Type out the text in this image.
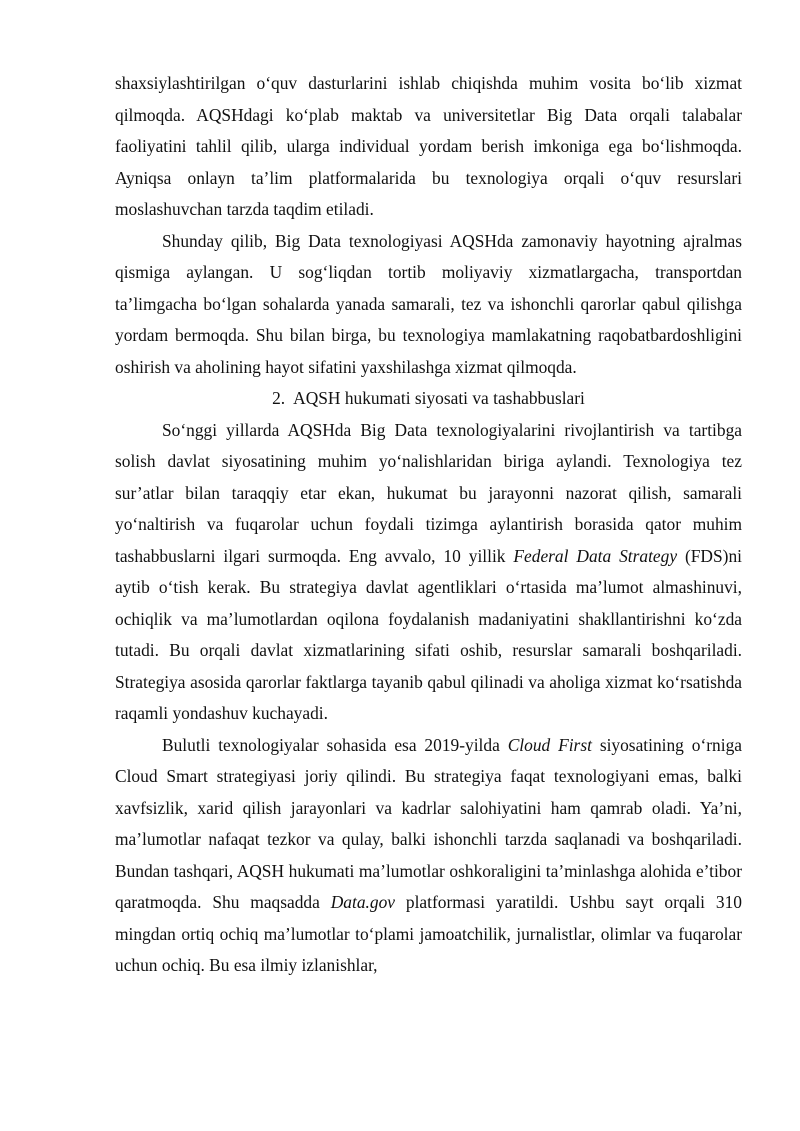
shaxsiylashtirilgan o‘quv dasturlarini ishlab chiqishda muhim vosita bo‘lib xizmat qilmoqda. AQSHdagi ko‘plab maktab va universitetlar Big Data orqali talabalar faoliyatini tahlil qilib, ularga individual yordam berish imkoniga ega bo‘lishmoqda. Ayniqsa onlayn ta’lim platformalarida bu texnologiya orqali o‘quv resurslari moslashuvchan tarzda taqdim etiladi.

Shunday qilib, Big Data texnologiyasi AQSHda zamonaviy hayotning ajralmas qismiga aylangan. U sog‘liqdan tortib moliyaviy xizmatlargacha, transportdan ta’limgacha bo‘lgan sohalarda yanada samarali, tez va ishonchli qarorlar qabul qilishga yordam bermoqda. Shu bilan birga, bu texnologiya mamlakatning raqobatbardoshligini oshirish va aholining hayot sifatini yaxshilashga xizmat qilmoqda.

2. AQSH hukumati siyosati va tashabbuslari

So‘nggi yillarda AQSHda Big Data texnologiyalarini rivojlantirish va tartibga solish davlat siyosatining muhim yo‘nalishlaridan biriga aylandi. Texnologiya tez sur’atlar bilan taraqqiy etar ekan, hukumat bu jarayonni nazorat qilish, samarali yo‘naltirish va fuqarolar uchun foydali tizimga aylantirish borasida qator muhim tashabbuslarni ilgari surmoqda. Eng avvalo, 10 yillik Federal Data Strategy (FDS)ni aytib o‘tish kerak. Bu strategiya davlat agentliklari o‘rtasida ma’lumot almashinuvi, ochiqlik va ma’lumotlardan oqilona foydalanish madaniyatini shakllantirishni ko‘zda tutadi. Bu orqali davlat xizmatlarining sifati oshib, resurslar samarali boshqariladi. Strategiya asosida qarorlar faktlarga tayanib qabul qilinadi va aholiga xizmat ko‘rsatishda raqamli yondashuv kuchayadi.

Bulutli texnologiyalar sohasida esa 2019-yilda Cloud First siyosatining o‘rniga Cloud Smart strategiyasi joriy qilindi. Bu strategiya faqat texnologiyani emas, balki xavfsizlik, xarid qilish jarayonlari va kadrlar salohiyatini ham qamrab oladi. Ya’ni, ma’lumotlar nafaqat tezkor va qulay, balki ishonchli tarzda saqlanadi va boshqariladi. Bundan tashqari, AQSH hukumati ma’lumotlar oshkoraligini ta’minlashga alohida e’tibor qaratmoqda. Shu maqsadda Data.gov platformasi yaratildi. Ushbu sayt orqali 310 mingdan ortiq ochiq ma’lumotlar to‘plami jamoatchilik, jurnalistlar, olimlar va fuqarolar uchun ochiq. Bu esa ilmiy izlanishlar,
